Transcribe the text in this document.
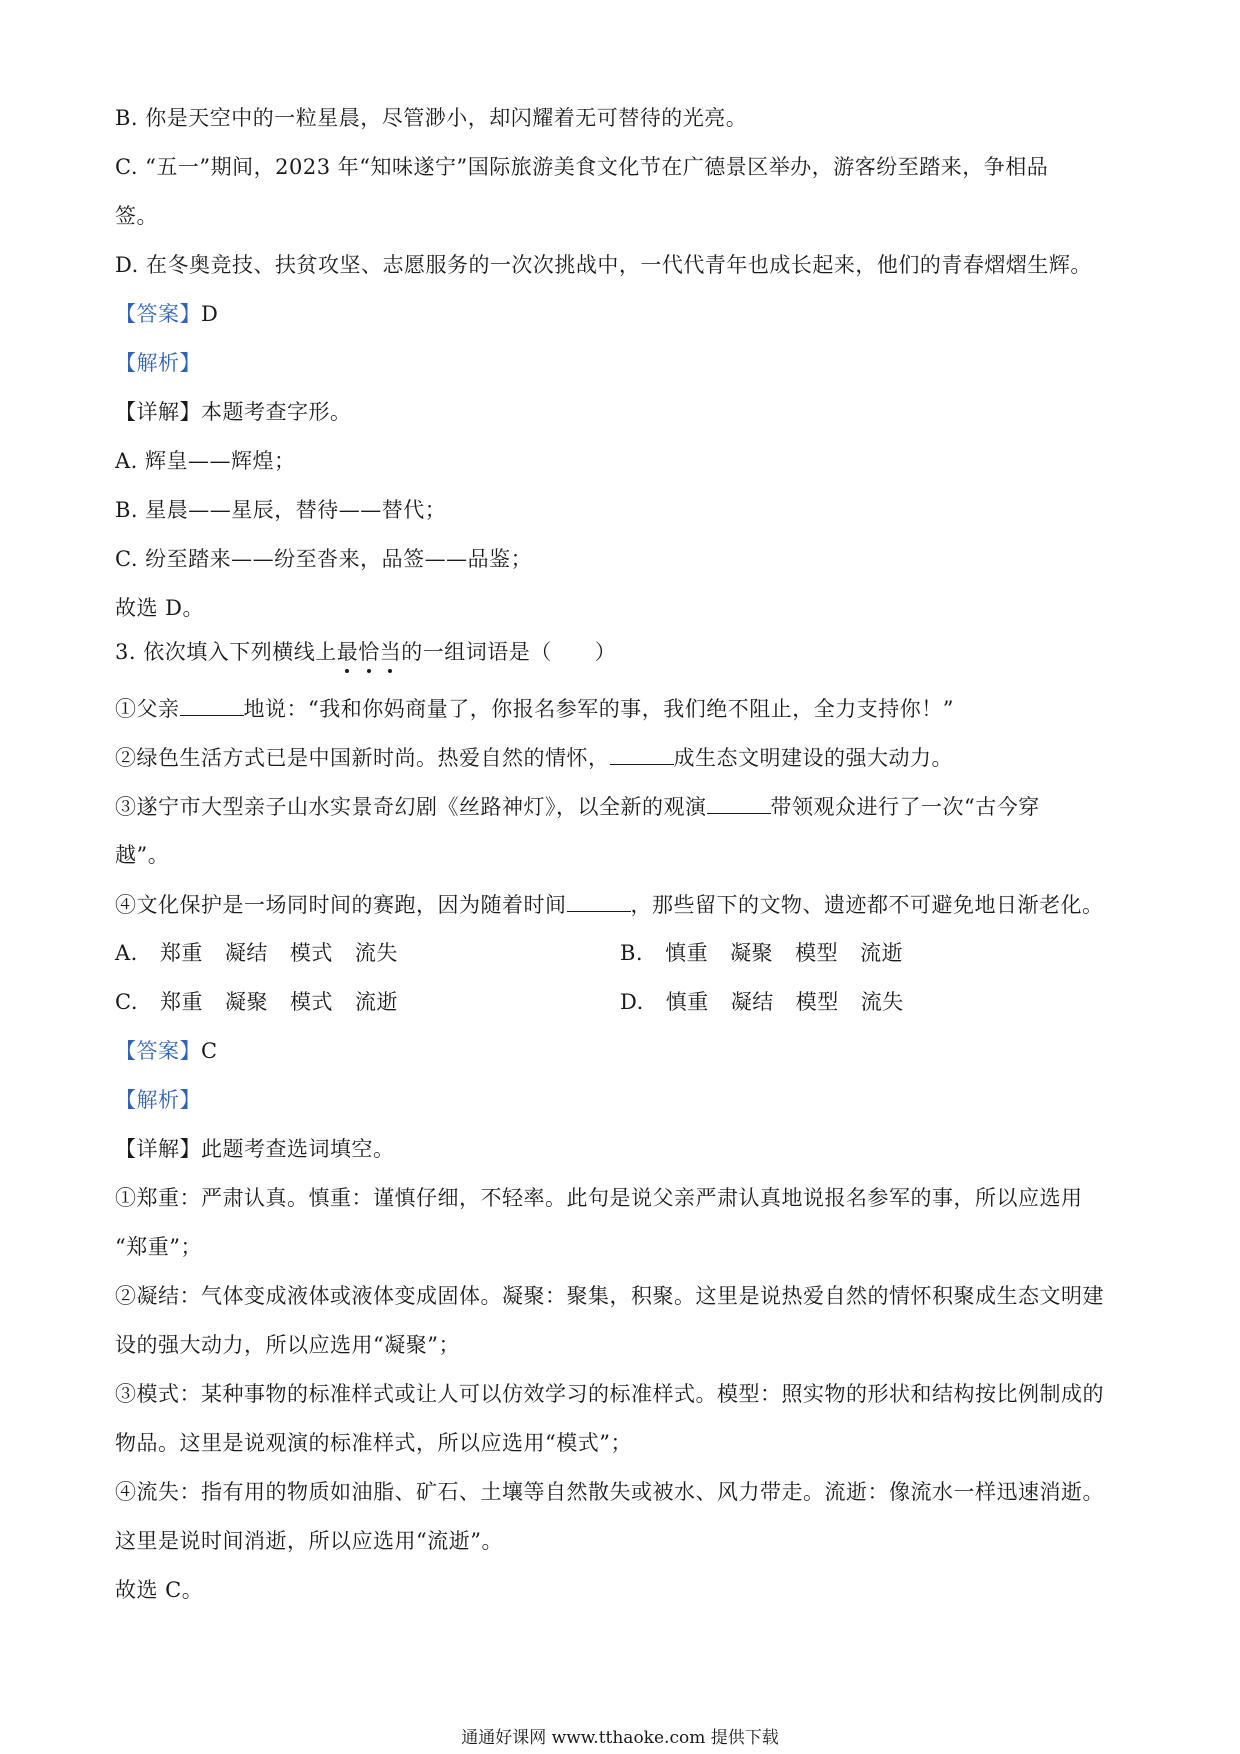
B. 你是天空中的一粒星晨，尽管渺小，却闪耀着无可替待的光亮。
C. “五一”期间，2023 年“知味遂宁”国际旅游美食文化节在广德景区举办，游客纷至踏来，争相品
签。
D. 在冬奥竞技、扶贫攻坚、志愿服务的一次次挑战中，一代代青年也成长起来，他们的青春熠熠生辉。
【答案】D
【解析】
【详解】本题考查字形。
A. 辉皇——辉煌；
B. 星晨——星辰，替待——替代；
C. 纷至踏来——纷至沓来，品签——品鉴；
故选 D。
3. 依次填入下列横线上最恰当的一组词语是（　　）
①父亲	地说：“我和你妈商量了，你报名参军的事，我们绝不阻止，全力支持你！”
②绿色生活方式已是中国新时尚。热爱自然的情怀，	成生态文明建设的强大动力。
③遂宁市大型亲子山水实景奇幻剧《丝路神灯》，以全新的观演	带领观众进行了一次“古今穿
越”。
④文化保护是一场同时间的赛跑，因为随着时间	，那些留下的文物、遗迹都不可避免地日渐老化。
A. 郑重 凝结 模式 流失	B. 慎重 凝聚 模型 流逝
C. 郑重 凝聚 模式 流逝	D. 慎重 凝结 模型 流失
【答案】C
【解析】
【详解】此题考查选词填空。
①郑重：严肃认真。慎重：谨慎仔细，不轻率。此句是说父亲严肃认真地说报名参军的事，所以应选用
“郑重”；
②凝结：气体变成液体或液体变成固体。凝聚：聚集，积聚。这里是说热爱自然的情怀积聚成生态文明建
设的强大动力，所以应选用“凝聚”；
③模式：某种事物的标准样式或让人可以仿效学习的标准样式。模型：照实物的形状和结构按比例制成的
物品。这里是说观演的标准样式，所以应选用“模式”；
④流失：指有用的物质如油脂、矿石、土壤等自然散失或被水、风力带走。流逝：像流水一样迅速消逝。
这里是说时间消逝，所以应选用“流逝”。
故选 C。
通通好课网 www.tthaoke.com 提供下载
